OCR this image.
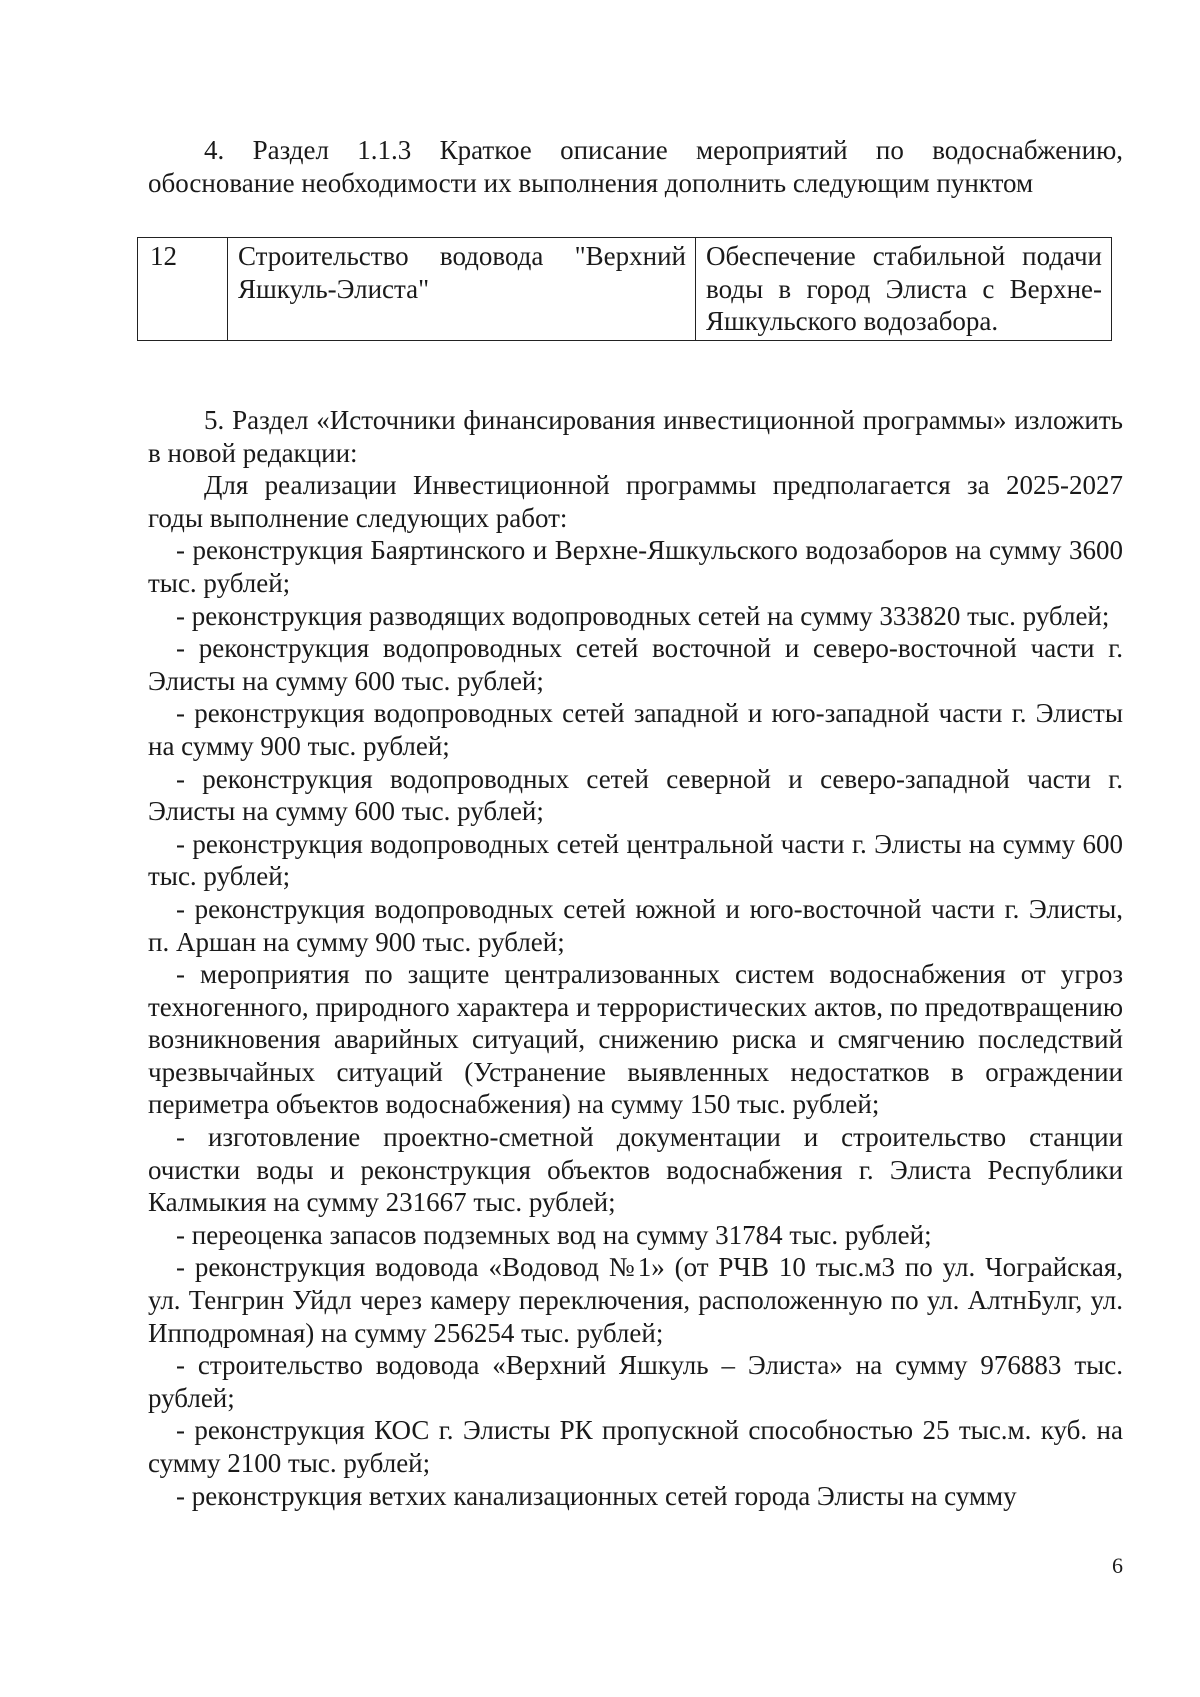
4. Раздел 1.1.3 Краткое описание мероприятий по водоснабжению, обоснование необходимости их выполнения дополнить следующим пунктом

12	Строительство водовода "Верхний Яшкуль-Элиста"	Обеспечение стабильной подачи воды в город Элиста с Верхне-Яшкульского водозабора.

5. Раздел «Источники финансирования инвестиционной программы» изложить в новой редакции:

Для реализации Инвестиционной программы предполагается за 2025-2027 годы выполнение следующих работ:

- реконструкция Баяртинского и Верхне-Яшкульского водозаборов на сумму 3600 тыс. рублей;

- реконструкция разводящих водопроводных сетей на сумму 333820 тыс. рублей;

- реконструкция водопроводных сетей восточной и северо-восточной части г. Элисты на сумму 600 тыс. рублей;

- реконструкция водопроводных сетей западной и юго-западной части г. Элисты на сумму 900 тыс. рублей;

- реконструкция водопроводных сетей северной и северо-западной части г. Элисты на сумму 600 тыс. рублей;

- реконструкция водопроводных сетей центральной части г. Элисты на сумму 600 тыс. рублей;

- реконструкция водопроводных сетей южной и юго-восточной части г. Элисты, п. Аршан на сумму 900 тыс. рублей;

- мероприятия по защите централизованных систем водоснабжения от угроз техногенного, природного характера и террористических актов, по предотвращению возникновения аварийных ситуаций, снижению риска и смягчению последствий чрезвычайных ситуаций (Устранение выявленных недостатков в ограждении периметра объектов водоснабжения) на сумму 150 тыс. рублей;

- изготовление проектно-сметной документации и строительство станции очистки воды и реконструкция объектов водоснабжения г. Элиста Республики Калмыкия на сумму 231667 тыс. рублей;

- переоценка запасов подземных вод на сумму 31784 тыс. рублей;

- реконструкция водовода «Водовод №1» (от РЧВ 10 тыс.м3 по ул. Чограйская, ул. Тенгрин Уйдл через камеру переключения, расположенную по ул. АлтнБулг, ул. Ипподромная) на сумму 256254 тыс. рублей;

- строительство водовода «Верхний Яшкуль – Элиста» на сумму 976883 тыс. рублей;

- реконструкция КОС г. Элисты РК пропускной способностью 25 тыс.м. куб. на сумму 2100 тыс. рублей;

- реконструкция ветхих канализационных сетей города Элисты на сумму

6
